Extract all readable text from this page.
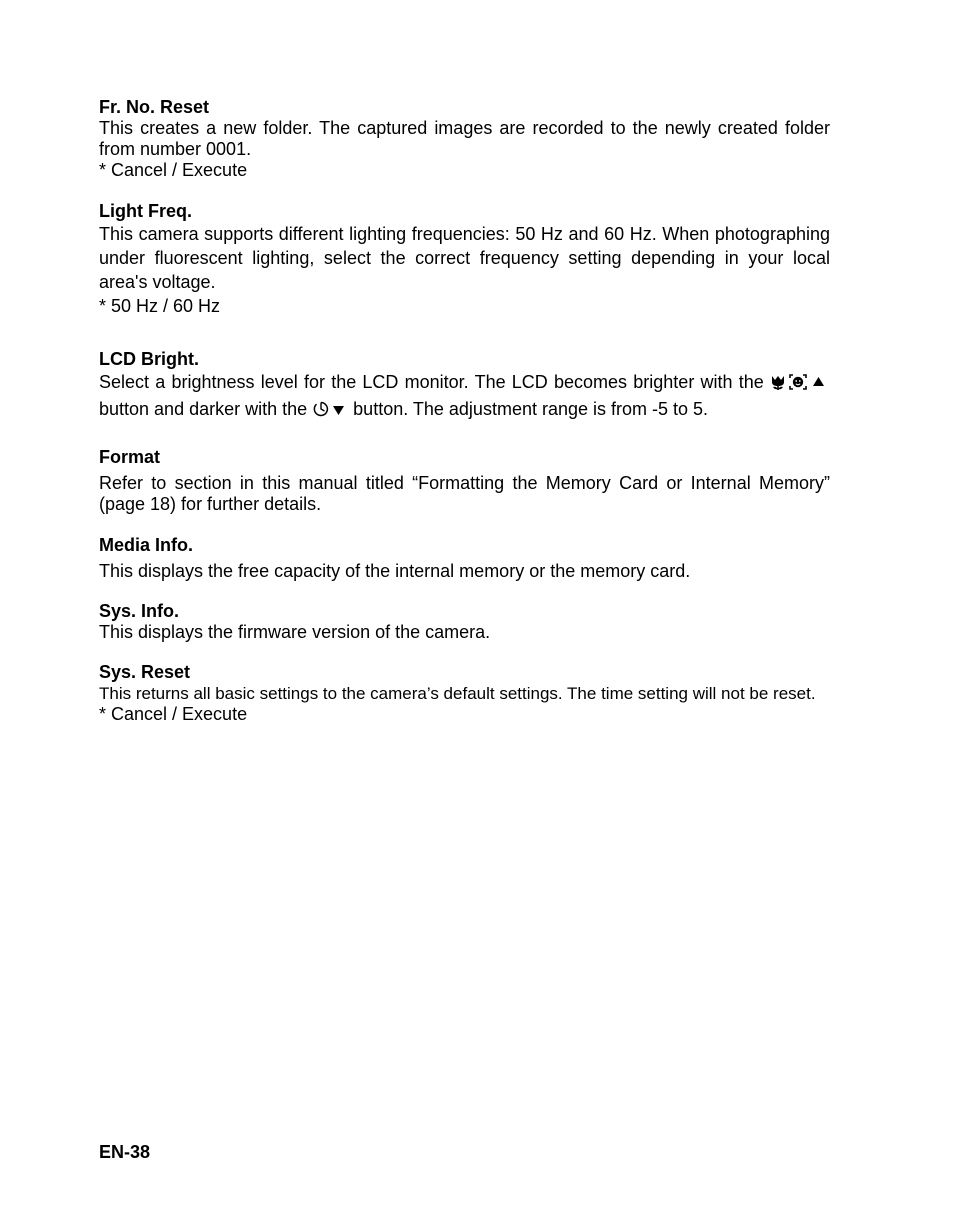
Fr. No. Reset

This creates a new folder. The captured images are recorded to the newly created folder from number 0001.

* Cancel / Execute

Light Freq.

This camera supports different lighting frequencies: 50 Hz and 60 Hz. When photographing under fluorescent lighting, select the correct frequency setting depending in your local area's voltage.

* 50 Hz / 60 Hz

LCD Bright.

Select a brightness level for the LCD monitor. The LCD becomes brighter with the  button and darker with the	button. The adjustment range is from -5 to 5.

Format

Refer to section in this manual titled “Formatting the Memory Card or Internal Memory” (page 18) for further details.

Media Info.

This displays the free capacity of the internal memory or the memory card.

Sys. Info.

This displays the firmware version of the camera.

Sys. Reset

This returns all basic settings to the camera’s default settings. The time setting will not be reset.

* Cancel / Execute

EN-38
